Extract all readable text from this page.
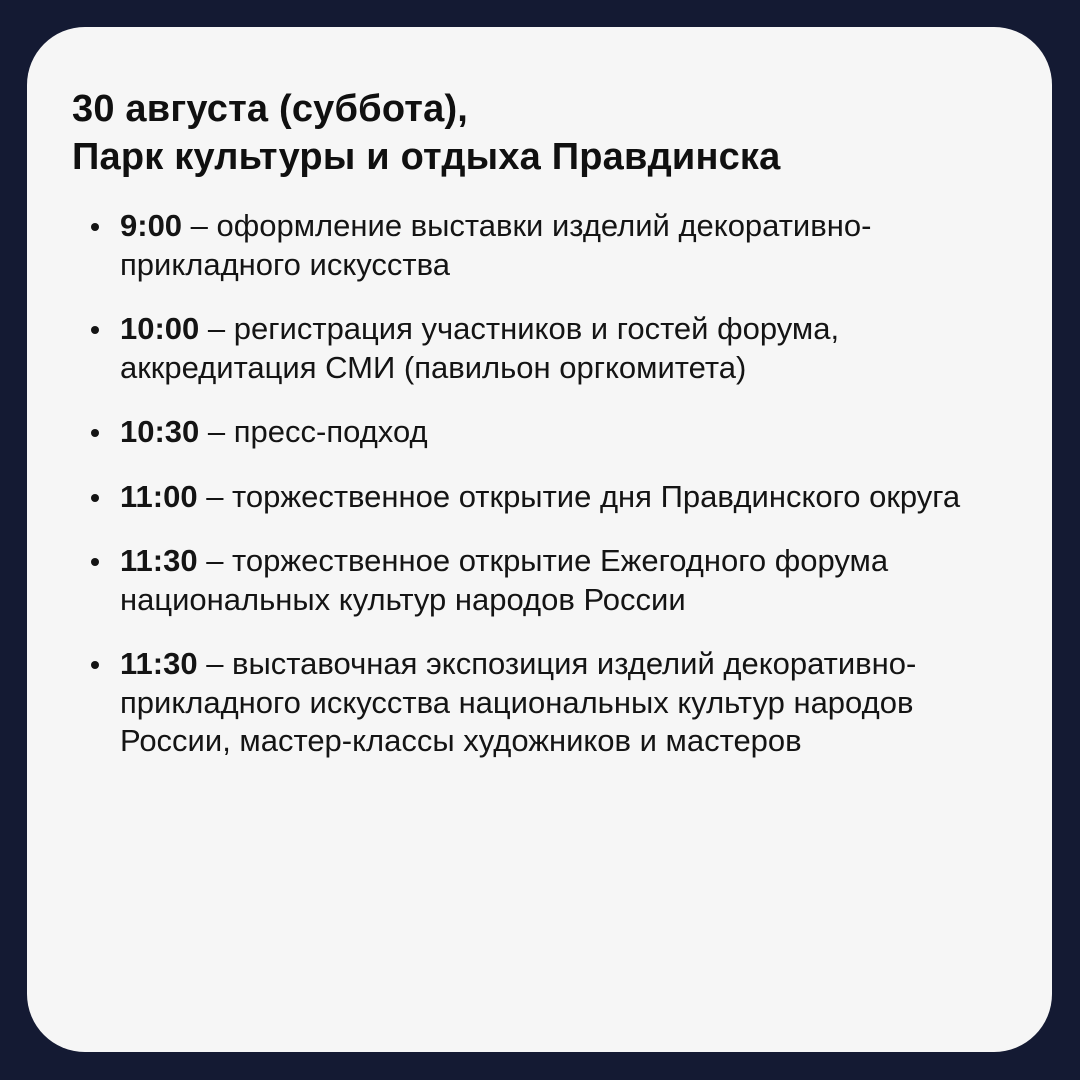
30 августа (суббота),
Парк культуры и отдыха Правдинска
9:00 – оформление выставки изделий декоративно-прикладного искусства
10:00 – регистрация участников и гостей форума, аккредитация СМИ (павильон оргкомитета)
10:30 – пресс-подход
11:00 – торжественное открытие дня Правдинского округа
11:30 – торжественное открытие Ежегодного форума национальных культур народов России
11:30 – выставочная экспозиция изделий декоративно-прикладного искусства национальных культур народов России, мастер-классы художников и мастеров
